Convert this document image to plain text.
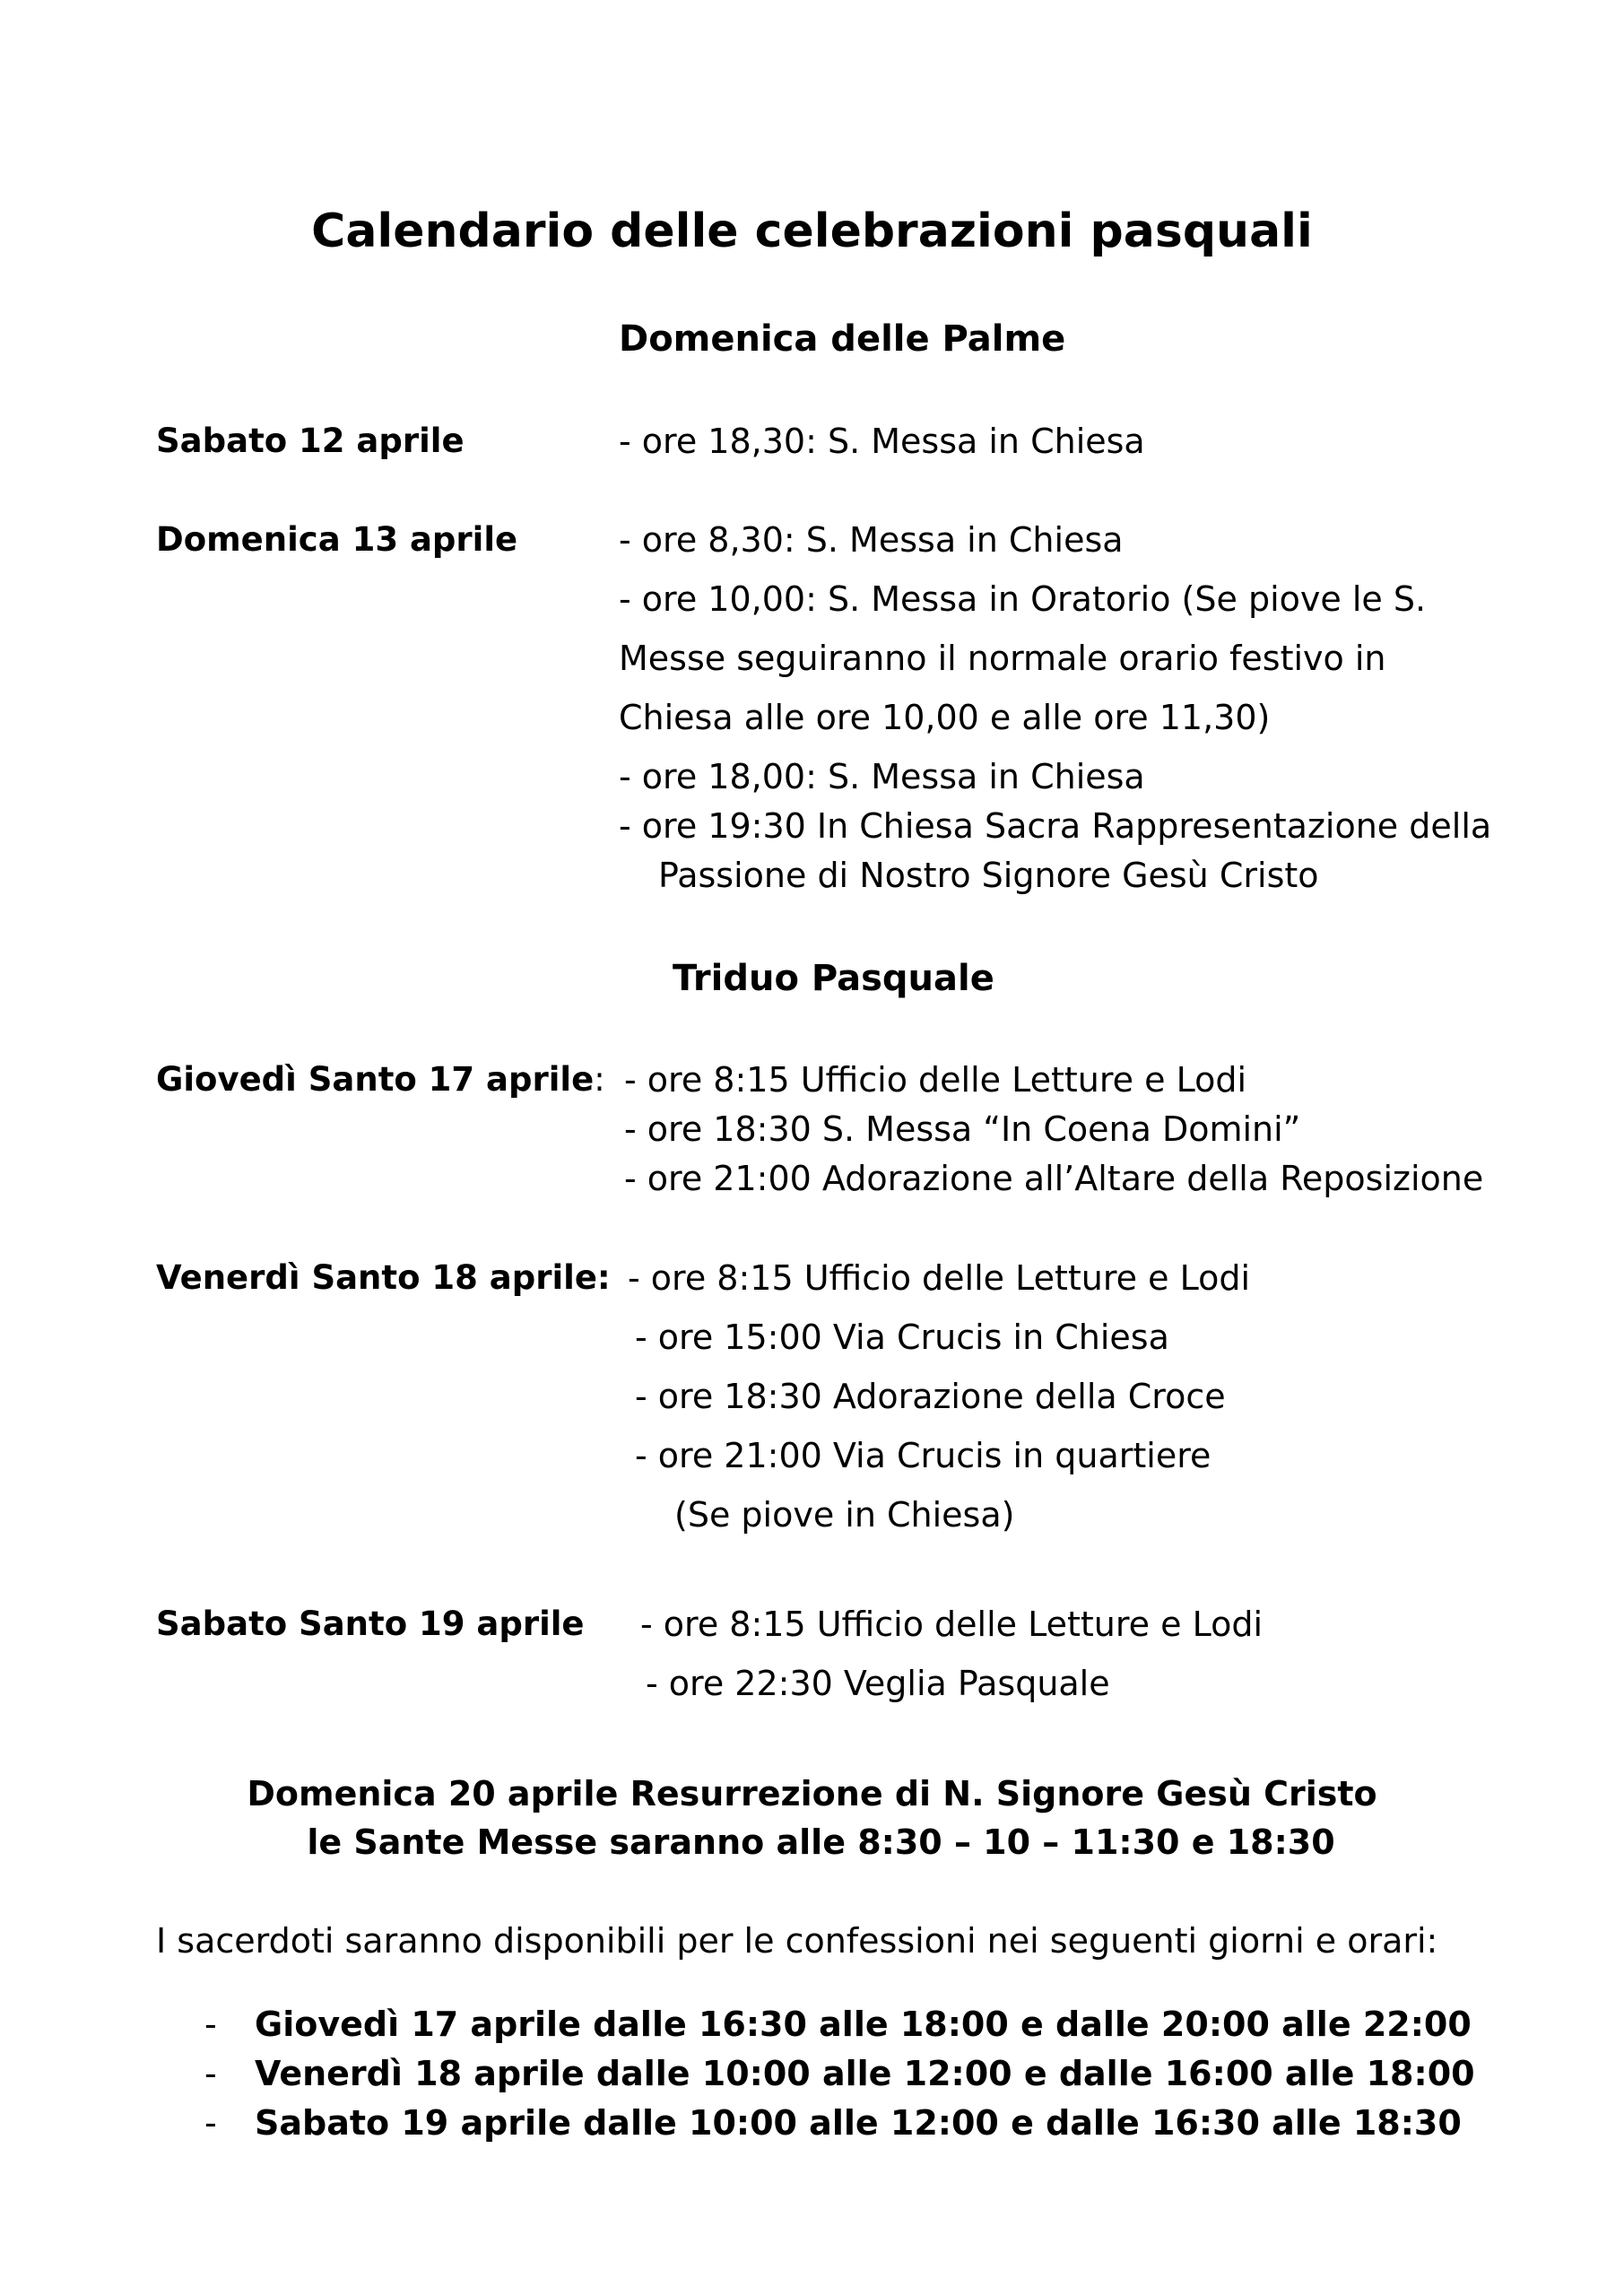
Calendario delle celebrazioni pasquali
Domenica delle Palme
Sabato 12 aprile	- ore 18,30: S. Messa in Chiesa
Domenica 13 aprile	- ore 8,30: S. Messa in Chiesa
- ore 10,00: S. Messa in Oratorio (Se piove le S.
Messe seguiranno il normale orario festivo in
Chiesa alle ore 10,00 e alle ore 11,30)
- ore 18,00: S. Messa in Chiesa
- ore 19:30 In Chiesa Sacra Rappresentazione della
Passione di Nostro Signore Gesù Cristo
Triduo Pasquale
Giovedì Santo 17 aprile: - ore 8:15 Ufficio delle Letture e Lodi
- ore 18:30 S. Messa “In Coena Domini”
- ore 21:00 Adorazione all’Altare della Reposizione
Venerdì Santo 18 aprile: - ore 8:15 Ufficio delle Letture e Lodi
- ore 15:00 Via Crucis in Chiesa
- ore 18:30 Adorazione della Croce
- ore 21:00 Via Crucis in quartiere
(Se piove in Chiesa)
Sabato Santo 19 aprile - ore 8:15 Ufficio delle Letture e Lodi
- ore 22:30 Veglia Pasquale
Domenica 20 aprile Resurrezione di N. Signore Gesù Cristo
le Sante Messe saranno alle 8:30 – 10 – 11:30 e 18:30
I sacerdoti saranno disponibili per le confessioni nei seguenti giorni e orari:
- Giovedì 17 aprile dalle 16:30 alle 18:00 e dalle 20:00 alle 22:00
- Venerdì 18 aprile dalle 10:00 alle 12:00 e dalle 16:00 alle 18:00
- Sabato 19 aprile dalle 10:00 alle 12:00 e dalle 16:30 alle 18:30
